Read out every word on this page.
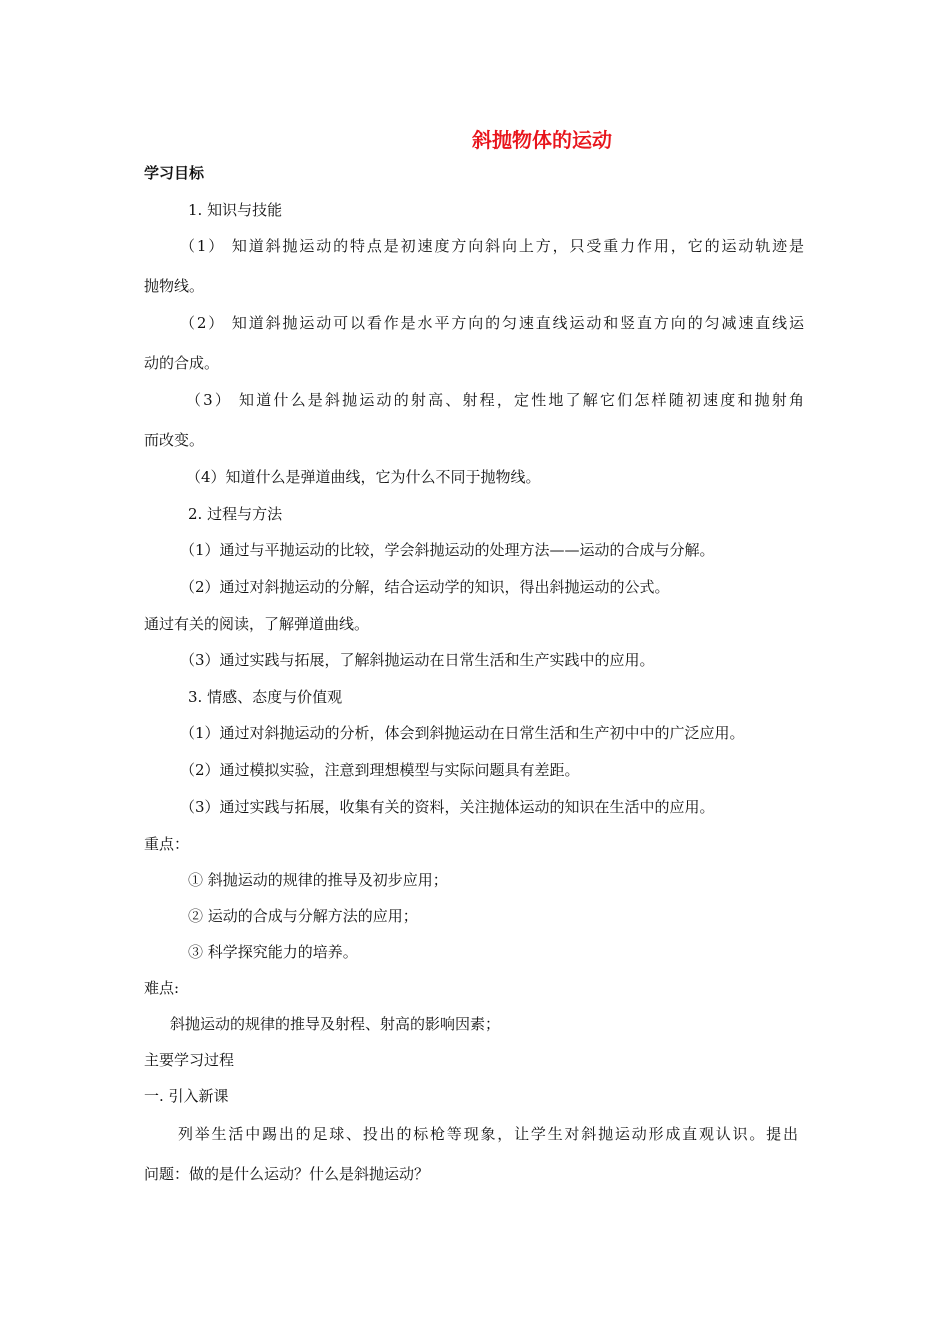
斜抛物体的运动
学习目标
1. 知识与技能
（1） 知道斜抛运动的特点是初速度方向斜向上方，只受重力作用，它的运动轨迹是
抛物线。
（2） 知道斜抛运动可以看作是水平方向的匀速直线运动和竖直方向的匀减速直线运
动的合成。
（3） 知道什么是斜抛运动的射高、射程，定性地了解它们怎样随初速度和抛射角
而改变。
（4）知道什么是弹道曲线，它为什么不同于抛物线。
2. 过程与方法
（1）通过与平抛运动的比较，学会斜抛运动的处理方法——运动的合成与分解。
（2）通过对斜抛运动的分解，结合运动学的知识，得出斜抛运动的公式。
通过有关的阅读，了解弹道曲线。
（3）通过实践与拓展，了解斜抛运动在日常生活和生产实践中的应用。
3. 情感、态度与价值观
（1）通过对斜抛运动的分析，体会到斜抛运动在日常生活和生产初中中的广泛应用。
（2）通过模拟实验，注意到理想模型与实际问题具有差距。
（3）通过实践与拓展，收集有关的资料，关注抛体运动的知识在生活中的应用。
重点：
① 斜抛运动的规律的推导及初步应用；
② 运动的合成与分解方法的应用；
③ 科学探究能力的培养。
难点:
斜抛运动的规律的推导及射程、射高的影响因素；
主要学习过程
一. 引入新课
列举生活中踢出的足球、投出的标枪等现象，让学生对斜抛运动形成直观认识。提出
问题：做的是什么运动？什么是斜抛运动？
